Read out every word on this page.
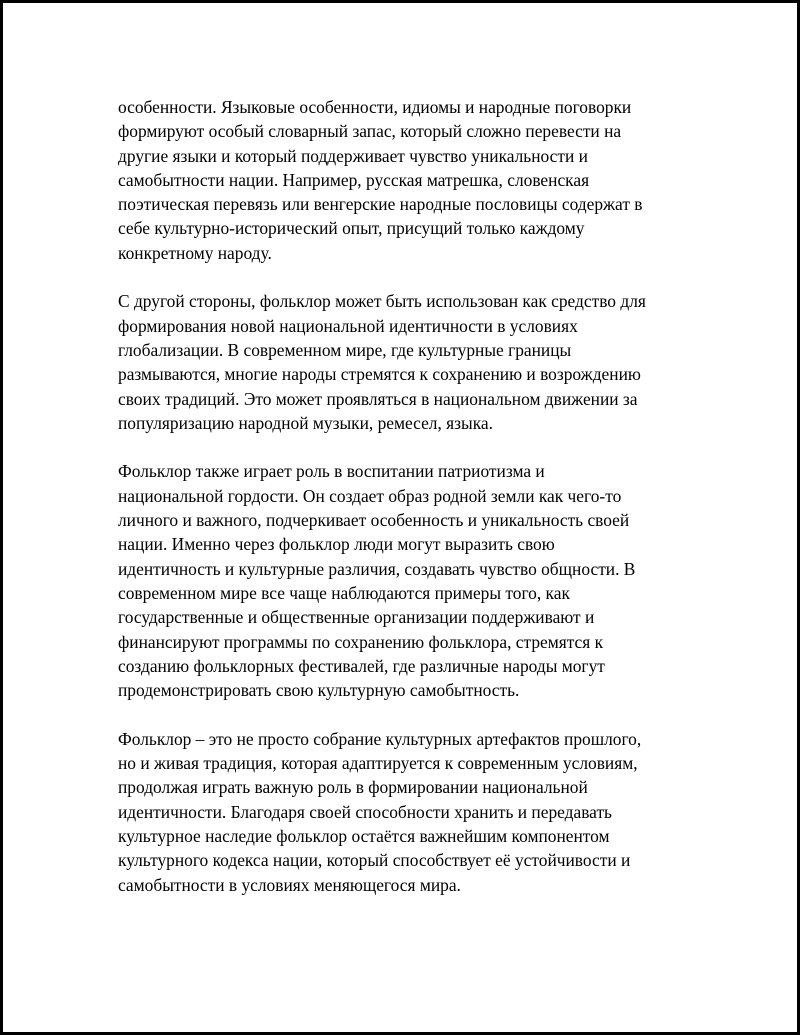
особенности. Языковые особенности, идиомы и народные поговорки
формируют особый словарный запас, который сложно перевести на
другие языки и который поддерживает чувство уникальности и
самобытности нации. Например, русская матрешка, словенская
поэтическая перевязь или венгерские народные пословицы содержат в
себе культурно-исторический опыт, присущий только каждому
конкретному народу.

С другой стороны, фольклор может быть использован как средство для
формирования новой национальной идентичности в условиях
глобализации. В современном мире, где культурные границы
размываются, многие народы стремятся к сохранению и возрождению
своих традиций. Это может проявляться в национальном движении за
популяризацию народной музыки, ремесел, языка.

Фольклор также играет роль в воспитании патриотизма и
национальной гордости. Он создает образ родной земли как чего-то
личного и важного, подчеркивает особенность и уникальность своей
нации. Именно через фольклор люди могут выразить свою
идентичность и культурные различия, создавать чувство общности. В
современном мире все чаще наблюдаются примеры того, как
государственные и общественные организации поддерживают и
финансируют программы по сохранению фольклора, стремятся к
созданию фольклорных фестивалей, где различные народы могут
продемонстрировать свою культурную самобытность.

Фольклор – это не просто собрание культурных артефактов прошлого,
но и живая традиция, которая адаптируется к современным условиям,
продолжая играть важную роль в формировании национальной
идентичности. Благодаря своей способности хранить и передавать
культурное наследие фольклор остаётся важнейшим компонентом
культурного кодекса нации, который способствует её устойчивости и
самобытности в условиях меняющегося мира.
